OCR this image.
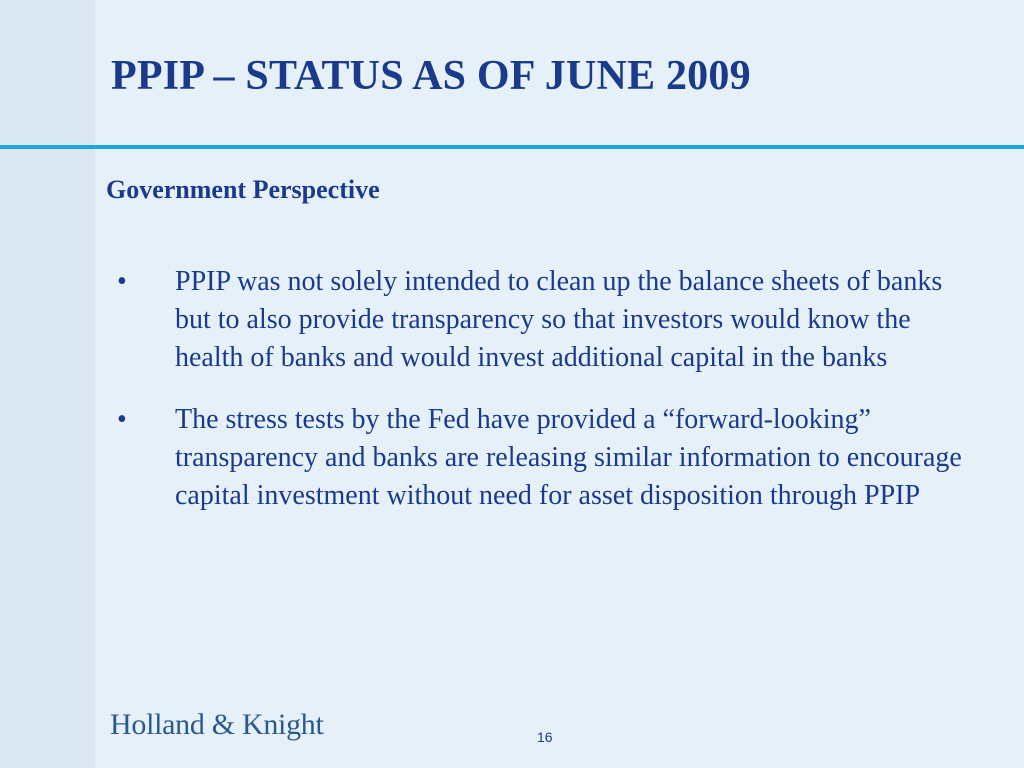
PPIP – STATUS AS OF JUNE 2009
Government Perspective
• PPIP was not solely intended to clean up the balance sheets of banks but to also provide transparency so that investors would know the health of banks and would invest additional capital in the banks
• The stress tests by the Fed have provided a “forward-looking” transparency and banks are releasing similar information to encourage capital investment without need for asset disposition through PPIP
Holland & Knight	16
